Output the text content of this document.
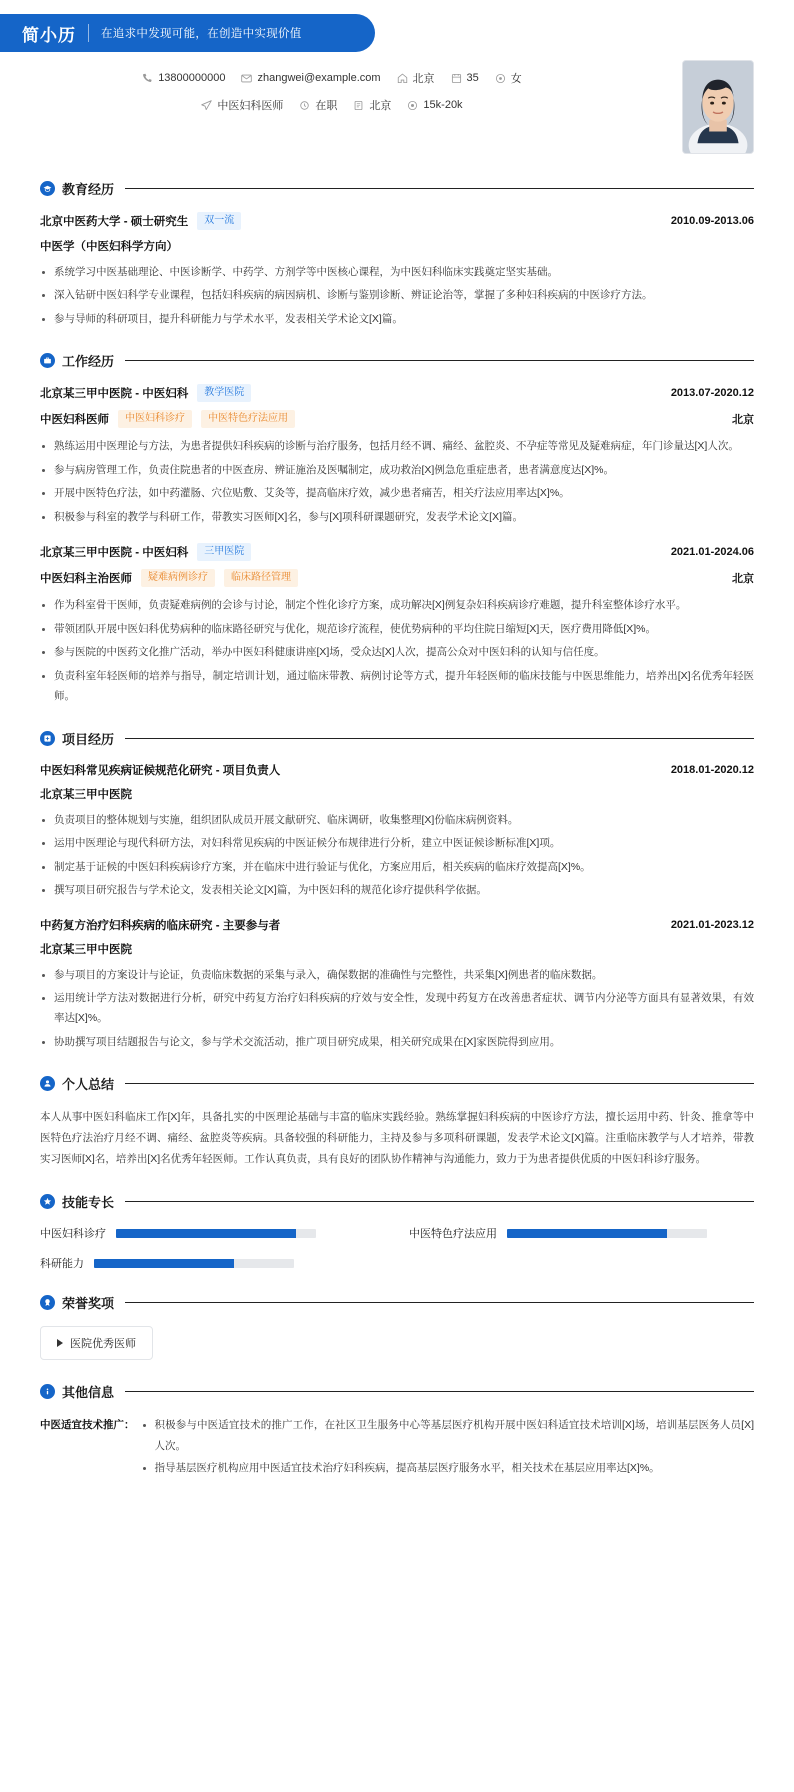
简小历 在追求中发现可能，在创造中实现价值
13800000000	zhangwei@example.com	北京	35	女
中医妇科医师	在职	北京	15k-20k
教育经历
北京中医药大学 - 硕士研究生	双一流	2010.09-2013.06
中医学（中医妇科学方向）
系统学习中医基础理论、中医诊断学、中药学、方剂学等中医核心课程，为中医妇科临床实践奠定坚实基础。
深入钻研中医妇科学专业课程，包括妇科疾病的病因病机、诊断与鉴别诊断、辨证论治等，掌握了多种妇科疾病的中医诊疗方法。
参与导师的科研项目，提升科研能力与学术水平，发表相关学术论文[X]篇。
工作经历
北京某三甲中医院 - 中医妇科	教学医院	2013.07-2020.12
中医妇科医师	中医妇科诊疗	中医特色疗法应用	北京
熟练运用中医理论与方法，为患者提供妇科疾病的诊断与治疗服务，包括月经不调、痛经、盆腔炎、不孕症等常见及疑难病症，年门诊量达[X]人次。
参与病房管理工作，负责住院患者的中医查房、辨证施治及医嘱制定，成功救治[X]例急危重症患者，患者满意度达[X]%。
开展中医特色疗法，如中药灌肠、穴位贴敷、艾灸等，提高临床疗效，减少患者痛苦，相关疗法应用率达[X]%。
积极参与科室的教学与科研工作，带教实习医师[X]名，参与[X]项科研课题研究，发表学术论文[X]篇。
北京某三甲中医院 - 中医妇科	三甲医院	2021.01-2024.06
中医妇科主治医师	疑难病例诊疗	临床路径管理	北京
作为科室骨干医师，负责疑难病例的会诊与讨论，制定个性化诊疗方案，成功解决[X]例复杂妇科疾病诊疗难题，提升科室整体诊疗水平。
带领团队开展中医妇科优势病种的临床路径研究与优化，规范诊疗流程，使优势病种的平均住院日缩短[X]天，医疗费用降低[X]%。
参与医院的中医药文化推广活动，举办中医妇科健康讲座[X]场，受众达[X]人次，提高公众对中医妇科的认知与信任度。
负责科室年轻医师的培养与指导，制定培训计划，通过临床带教、病例讨论等方式，提升年轻医师的临床技能与中医思维能力，培养出[X]名优秀年轻医师。
项目经历
中医妇科常见疾病证候规范化研究 - 项目负责人	2018.01-2020.12
北京某三甲中医院
负责项目的整体规划与实施，组织团队成员开展文献研究、临床调研，收集整理[X]份临床病例资料。
运用中医理论与现代科研方法，对妇科常见疾病的中医证候分布规律进行分析，建立中医证候诊断标准[X]项。
制定基于证候的中医妇科疾病诊疗方案，并在临床中进行验证与优化，方案应用后，相关疾病的临床疗效提高[X]%。
撰写项目研究报告与学术论文，发表相关论文[X]篇，为中医妇科的规范化诊疗提供科学依据。
中药复方治疗妇科疾病的临床研究 - 主要参与者	2021.01-2023.12
北京某三甲中医院
参与项目的方案设计与论证，负责临床数据的采集与录入，确保数据的准确性与完整性，共采集[X]例患者的临床数据。
运用统计学方法对数据进行分析，研究中药复方治疗妇科疾病的疗效与安全性，发现中药复方在改善患者症状、调节内分泌等方面具有显著效果，有效率达[X]%。
协助撰写项目结题报告与论文，参与学术交流活动，推广项目研究成果，相关研究成果在[X]家医院得到应用。
个人总结

本人从事中医妇科临床工作[X]年，具备扎实的中医理论基础与丰富的临床实践经验。熟练掌握妇科疾病的中医诊疗方法，擅长运用中药、针灸、推拿等中医特色疗法治疗月经不调、痛经、盆腔炎等疾病。具备较强的科研能力，主持及参与多项科研课题，发表学术论文[X]篇。注重临床教学与人才培养，带教实习医师[X]名，培养出[X]名优秀年轻医师。工作认真负责，具有良好的团队协作精神与沟通能力，致力于为患者提供优质的中医妇科诊疗服务。

技能专长
中医妇科诊疗	中医特色疗法应用
科研能力
荣誉奖项
医院优秀医师
其他信息
中医适宜技术推广：	积极参与中医适宜技术的推广工作，在社区卫生服务中心等基层医疗机构开展中医妇科适宜技术培训[X]场，培训基层医务人员[X]人次。
指导基层医疗机构应用中医适宜技术治疗妇科疾病，提高基层医疗服务水平，相关技术在基层应用率达[X]%。
